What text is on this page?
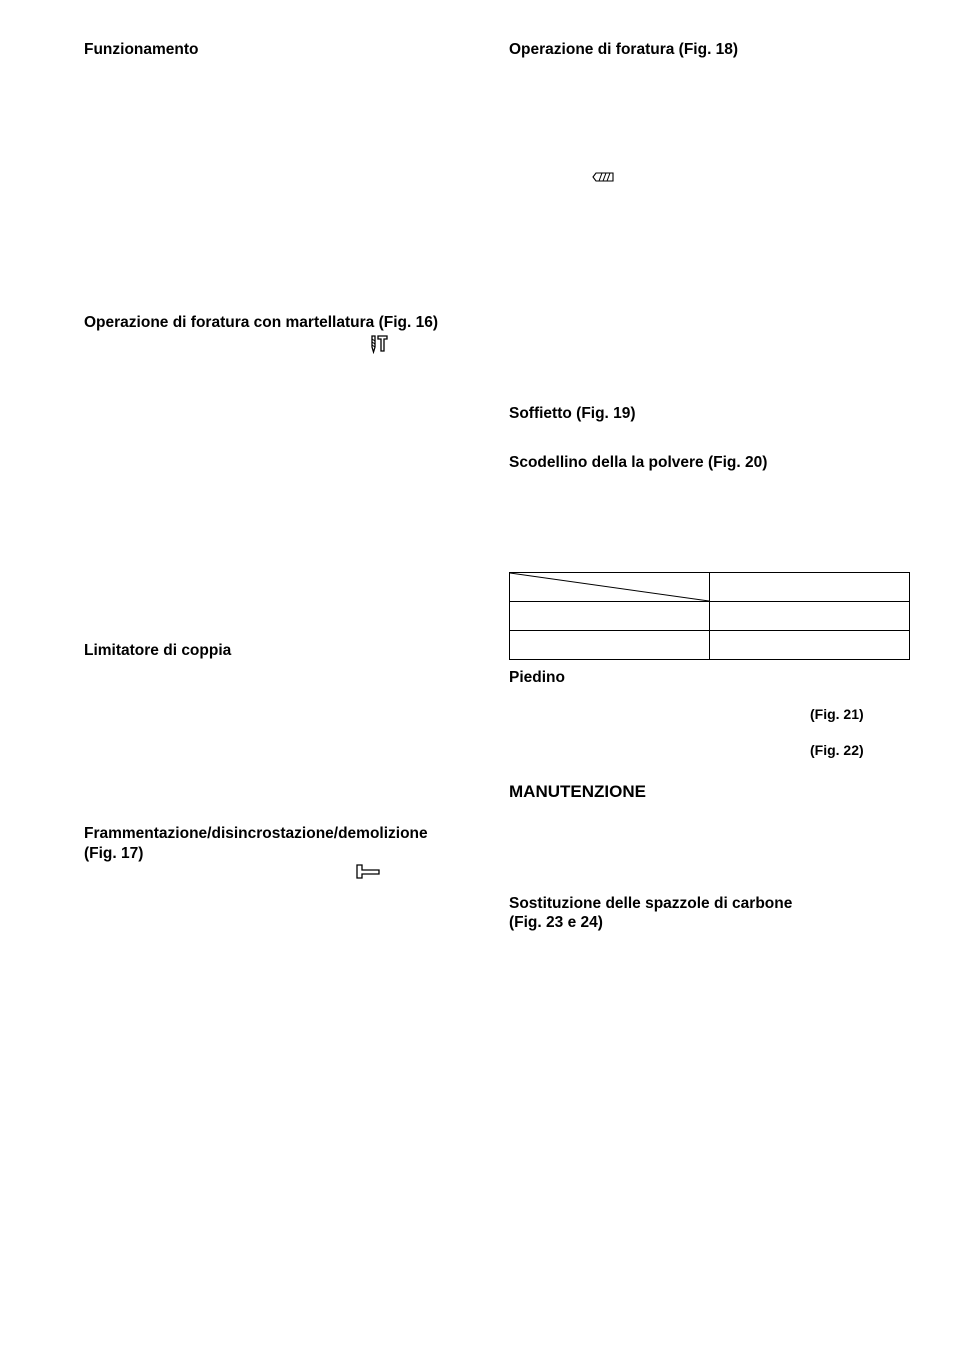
Funzionamento
Operazione di foratura con martellatura (Fig. 16)
Limitatore di coppia
Frammentazione/disincrostazione/demolizione
(Fig. 17)
Operazione di foratura (Fig. 18)
Soffietto (Fig. 19)
Scodellino della la polvere (Fig. 20)

Piedino
(Fig. 21)
(Fig. 22)
MANUTENZIONE
Sostituzione delle spazzole di carbone
(Fig. 23 e 24)
